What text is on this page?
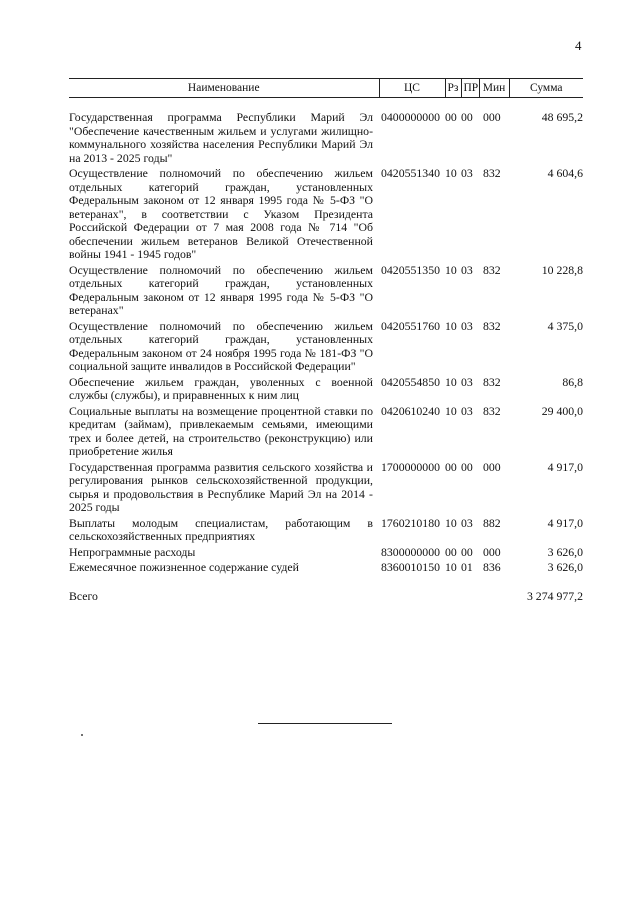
4
Наименование	ЦС	Рз	ПР	Мин	Сумма

Государственная программа Республики Марий Эл "Обеспечение качественным жильем и услугами жилищно-коммунального хозяйства населения Республики Марий Эл на 2013 - 2025 годы"	0400000000	00	00	000	48 695,2
Осуществление полномочий по обеспечению жильем отдельных категорий граждан, установленных Федеральным законом от 12 января 1995 года № 5-ФЗ "О ветеранах", в соответствии с Указом Президента Российской Федерации от 7 мая 2008 года № 714 "Об обеспечении жильем ветеранов Великой Отечественной войны 1941 - 1945 годов"	0420551340	10	03	832	4 604,6
Осуществление полномочий по обеспечению жильем отдельных категорий граждан, установленных Федеральным законом от 12 января 1995 года № 5-ФЗ "О ветеранах"	0420551350	10	03	832	10 228,8
Осуществление полномочий по обеспечению жильем отдельных категорий граждан, установленных Федеральным законом от 24 ноября 1995 года № 181-ФЗ "О социальной защите инвалидов в Российской Федерации"	0420551760	10	03	832	4 375,0
Обеспечение жильем граждан, уволенных с военной службы (службы), и приравненных к ним лиц	0420554850	10	03	832	86,8
Социальные выплаты на возмещение процентной ставки по кредитам (займам), привлекаемым семьями, имеющими трех и более детей, на строительство (реконструкцию) или приобретение жилья	0420610240	10	03	832	29 400,0
Государственная программа развития сельского хозяйства и регулирования рынков сельскохозяйственной продукции, сырья и продовольствия в Республике Марий Эл на 2014 - 2025 годы	1700000000	00	00	000	4 917,0
Выплаты молодым специалистам, работающим в сельскохозяйственных предприятиях	1760210180	10	03	882	4 917,0
Непрограммные расходы	8300000000	00	00	000	3 626,0
Ежемесячное пожизненное содержание судей	8360010150	10	01	836	3 626,0
Всего					3 274 977,2
